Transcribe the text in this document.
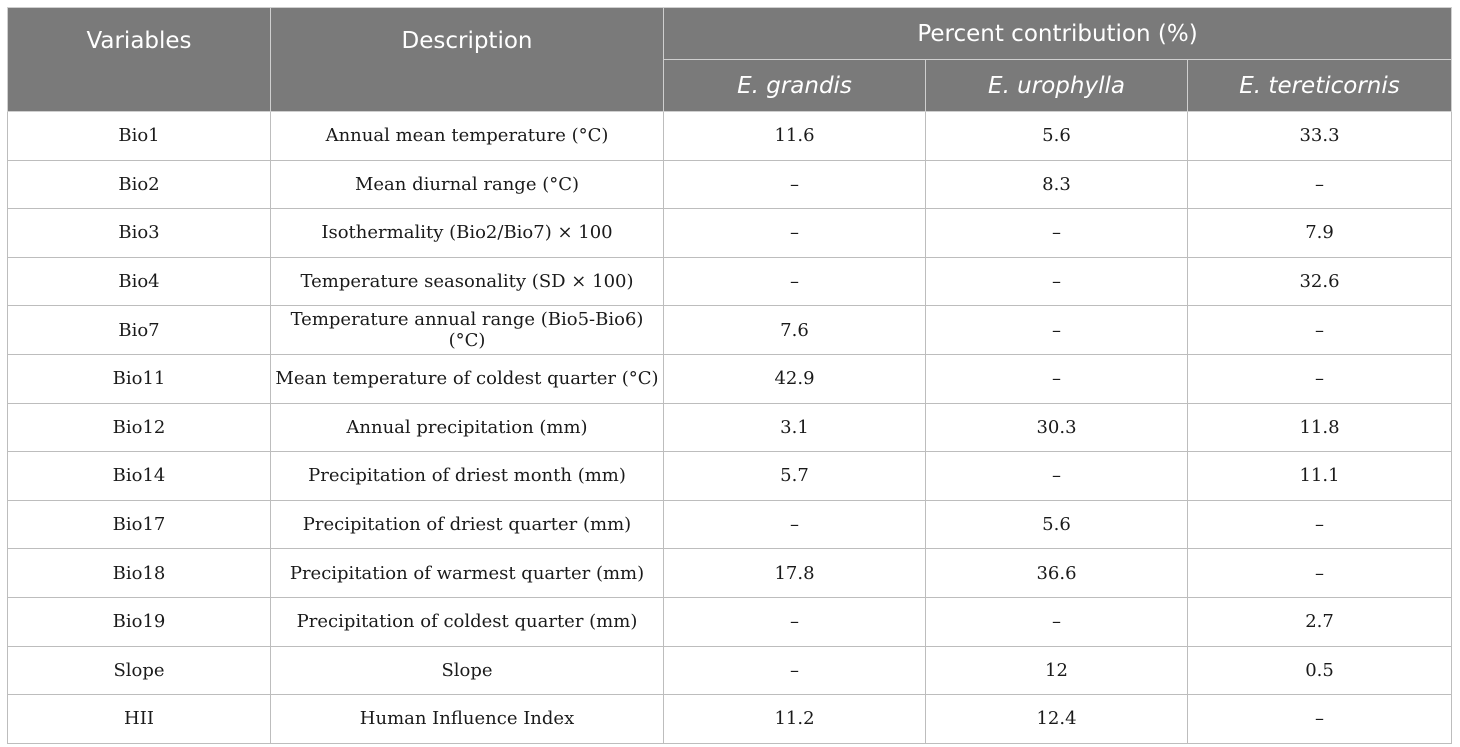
Variables	Description	Percent contribution (%)		
		E. grandis	E. urophylla	E. tereticornis
Bio1	Annual mean temperature (°C)	11.6	5.6	33.3
Bio2	Mean diurnal range (°C)	–	8.3	–
Bio3	Isothermality (Bio2/Bio7) × 100	–	–	7.9
Bio4	Temperature seasonality (SD × 100)	–	–	32.6
Bio7	Temperature annual range (Bio5-Bio6) (°C)	7.6	–	–
Bio11	Mean temperature of coldest quarter (°C)	42.9	–	–
Bio12	Annual precipitation (mm)	3.1	30.3	11.8
Bio14	Precipitation of driest month (mm)	5.7	–	11.1
Bio17	Precipitation of driest quarter (mm)	–	5.6	–
Bio18	Precipitation of warmest quarter (mm)	17.8	36.6	–
Bio19	Precipitation of coldest quarter (mm)	–	–	2.7
Slope	Slope	–	12	0.5
HII	Human Influence Index	11.2	12.4	–
